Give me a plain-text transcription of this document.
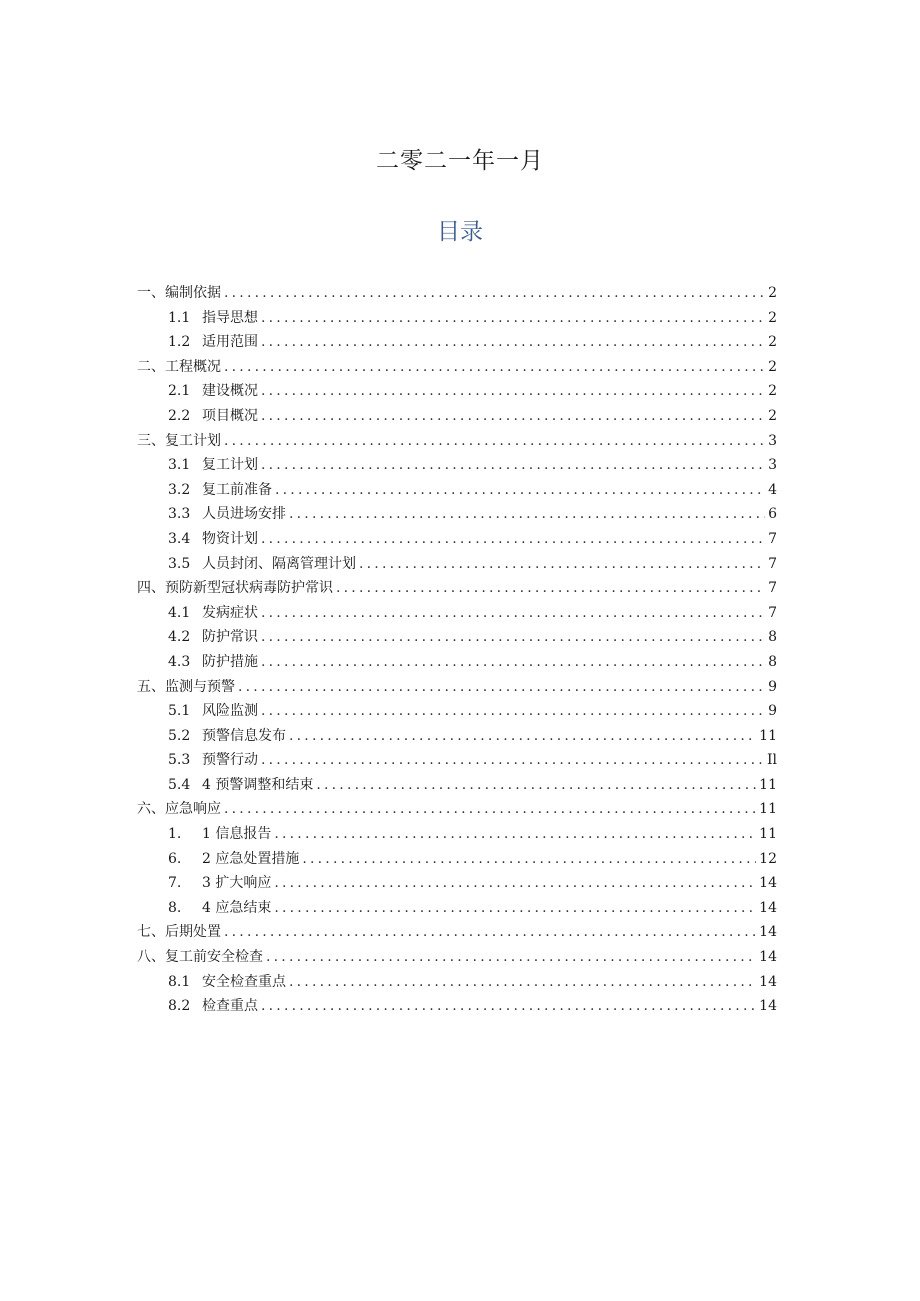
二零二一年一月
目录
一、编制依据 .....	2
1.1 指导思想 .....	2
1.2 适用范围 .....	2
二、工程概况 .....	2
2.1 建设概况 .....	2
2.2 项目概况 .....	2
三、复工计划 .....	3
3.1 复工计划 .....	3
3.2 复工前准备 .....	4
3.3 人员进场安排 .....	6
3.4 物资计划 .....	7
3.5 人员封闭、隔离管理计划 .....	7
四、预防新型冠状病毒防护常识 .....	7
4.1 发病症状 .....	7
4.2 防护常识 .....	8
4.3 防护措施 .....	8
五、监测与预警 .....	9
5.1 风险监测 .....	9
5.2 预警信息发布 .....	11
5.3 预警行动 .....	Il
5.4 4 预警调整和结束 .....	11
六、应急响应 .....	11
1.	1 信息报告 .....	11
6.	2 应急处置措施 .....	12
7.	3 扩大响应 .....	14
8.	4 应急结束 .....	14
七、后期处置 .....	14
八、复工前安全检查 .....	14
8.1 安全检查重点 .....	14
8.2 检查重点 .....	14
